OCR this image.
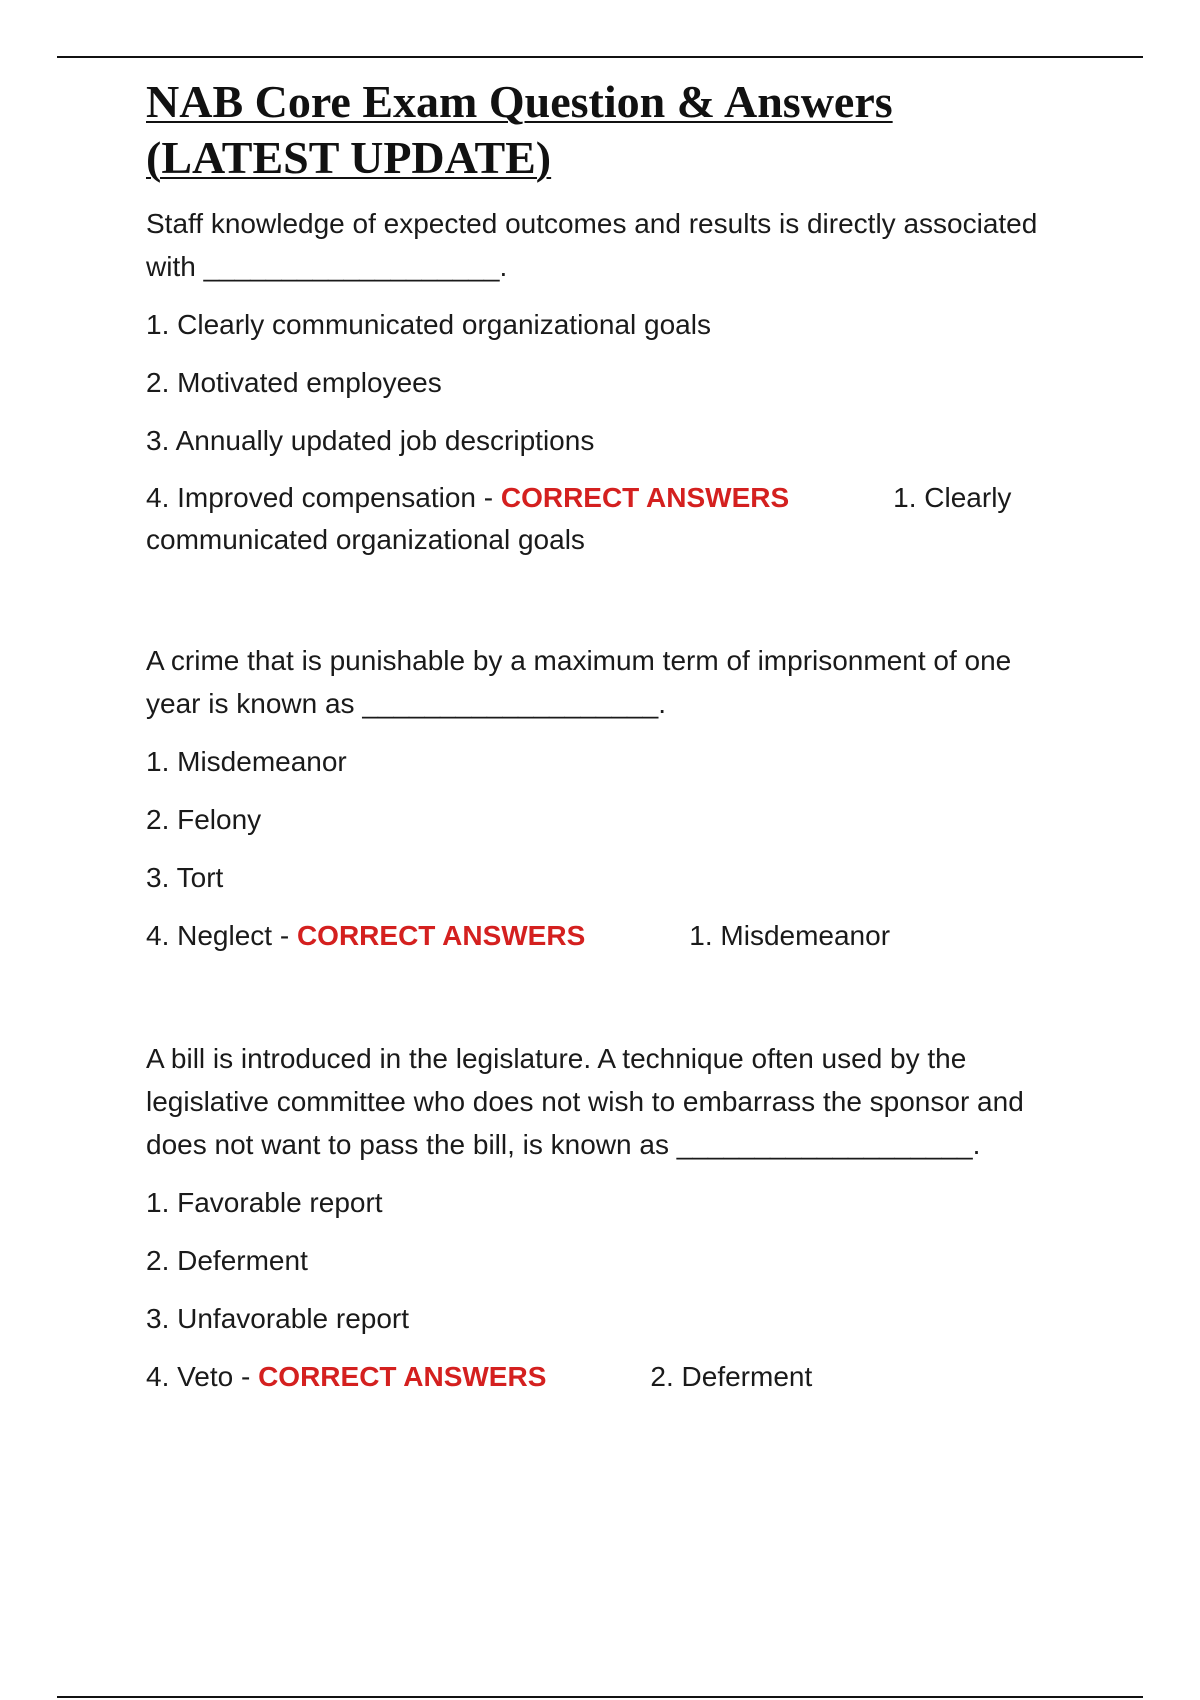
NAB Core Exam Question & Answers
(LATEST UPDATE)

Staff knowledge of expected outcomes and results is directly associated
with ___________________.

1. Clearly communicated organizational goals

2. Motivated employees

3. Annually updated job descriptions

4. Improved compensation - CORRECT ANSWERS	1. Clearly
communicated organizational goals

A crime that is punishable by a maximum term of imprisonment of one
year is known as ___________________.

1. Misdemeanor

2. Felony

3. Tort

4. Neglect - CORRECT ANSWERS	1. Misdemeanor

A bill is introduced in the legislature. A technique often used by the
legislative committee who does not wish to embarrass the sponsor and
does not want to pass the bill, is known as ___________________.

1. Favorable report

2. Deferment

3. Unfavorable report

4. Veto - CORRECT ANSWERS	2. Deferment
